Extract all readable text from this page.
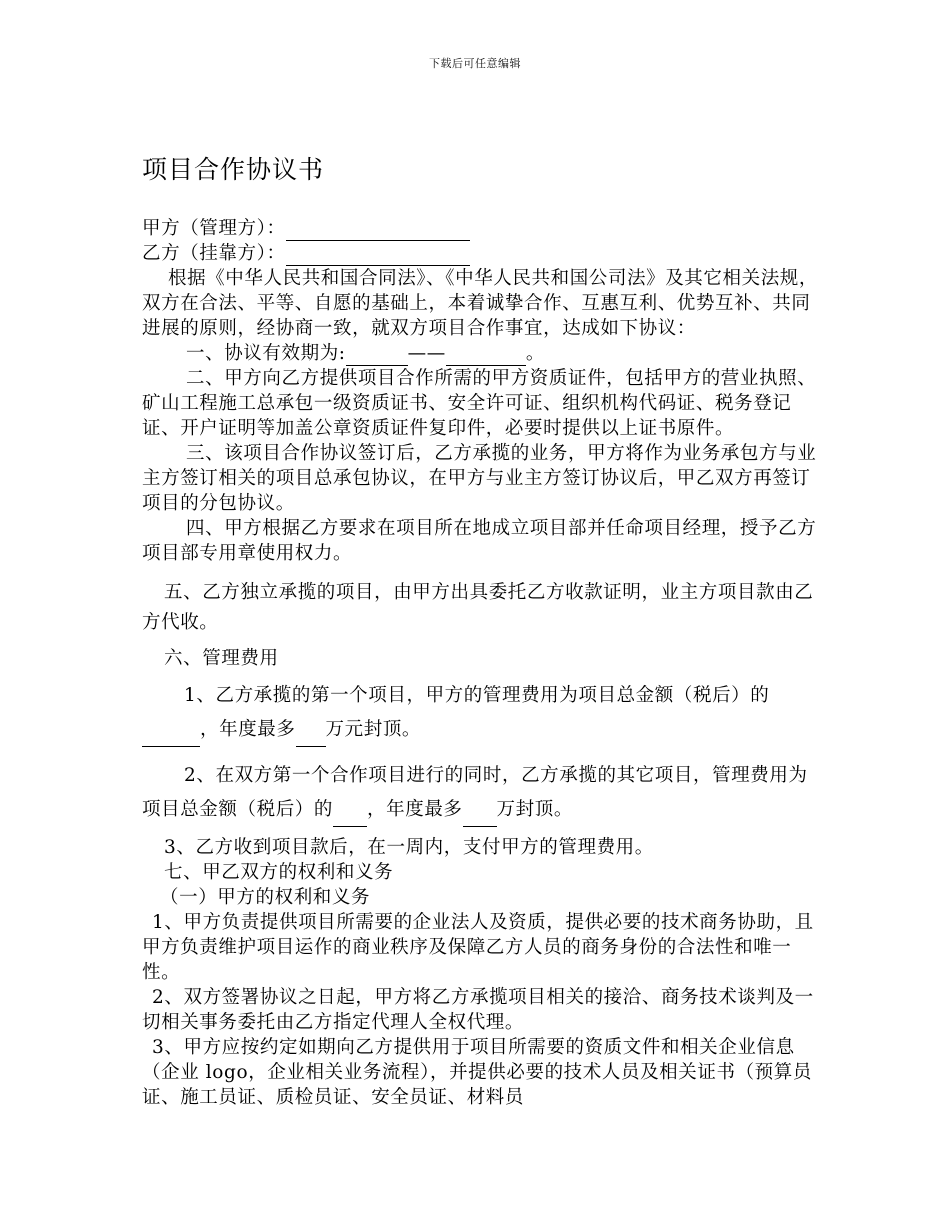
下载后可任意编辑
项目合作协议书

甲方（管理方）：

乙方（挂靠方）：

根据《中华人民共和国合同法》、《中华人民共和国公司法》及其它相关法规，双方在合法、平等、自愿的基础上，本着诚挚合作、互惠互利、优势互补、共同进展的原则，经协商一致，就双方项目合作事宜，达成如下协议：

一、协议有效期为:	——	。

二、甲方向乙方提供项目合作所需的甲方资质证件，包括甲方的营业执照、矿山工程施工总承包一级资质证书、安全许可证、组织机构代码证、税务登记证、开户证明等加盖公章资质证件复印件，必要时提供以上证书原件。

三、该项目合作协议签订后，乙方承揽的业务，甲方将作为业务承包方与业主方签订相关的项目总承包协议，在甲方与业主方签订协议后，甲乙双方再签订项目的分包协议。

四、甲方根据乙方要求在项目所在地成立项目部并任命项目经理，授予乙方项目部专用章使用权力。

五、乙方独立承揽的项目，由甲方出具委托乙方收款证明，业主方项目款由乙方代收。

六、管理费用

1、乙方承揽的第一个项目，甲方的管理费用为项目总金额（税后）的，年度最多 万元封顶。

2、在双方第一个合作项目进行的同时，乙方承揽的其它项目，管理费用为项目总金额（税后）的 ，年度最多 万封顶。

3、乙方收到项目款后，在一周内，支付甲方的管理费用。

七、甲乙双方的权利和义务

（一）甲方的权利和义务

1、甲方负责提供项目所需要的企业法人及资质，提供必要的技术商务协助，且甲方负责维护项目运作的商业秩序及保障乙方人员的商务身份的合法性和唯一性。

2、双方签署协议之日起，甲方将乙方承揽项目相关的接洽、商务技术谈判及一切相关事务委托由乙方指定代理人全权代理。

3、甲方应按约定如期向乙方提供用于项目所需要的资质文件和相关企业信息（企业 logo，企业相关业务流程），并提供必要的技术人员及相关证书（预算员证、施工员证、质检员证、安全员证、材料员
